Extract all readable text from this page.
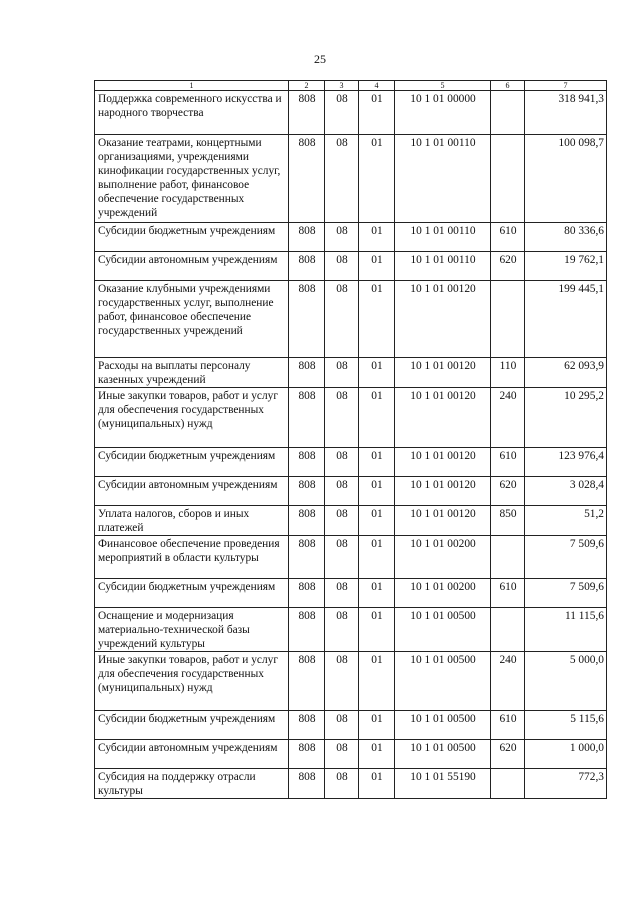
25
1	2	3	4	5	6	7
Поддержка современного искусства и народного творчества	808	08	01	10 1 01 00000		318 941,3
Оказание театрами, концертными организациями, учреждениями кинофикации государственных услуг, выполнение работ, финансовое обеспечение государственных учреждений	808	08	01	10 1 01 00110		100 098,7
Субсидии бюджетным учреждениям	808	08	01	10 1 01 00110	610	80 336,6
Субсидии автономным учреждениям	808	08	01	10 1 01 00110	620	19 762,1
Оказание клубными учреждениями государственных услуг, выполнение работ, финансовое обеспечение государственных учреждений	808	08	01	10 1 01 00120		199 445,1
Расходы на выплаты персоналу казенных учреждений	808	08	01	10 1 01 00120	110	62 093,9
Иные закупки товаров, работ и услуг для обеспечения государственных (муниципальных) нужд	808	08	01	10 1 01 00120	240	10 295,2
Субсидии бюджетным учреждениям	808	08	01	10 1 01 00120	610	123 976,4
Субсидии автономным учреждениям	808	08	01	10 1 01 00120	620	3 028,4
Уплата налогов, сборов и иных платежей	808	08	01	10 1 01 00120	850	51,2
Финансовое обеспечение проведения мероприятий в области культуры	808	08	01	10 1 01 00200		7 509,6
Субсидии бюджетным учреждениям	808	08	01	10 1 01 00200	610	7 509,6
Оснащение и модернизация материально-технической базы учреждений культуры	808	08	01	10 1 01 00500		11 115,6
Иные закупки товаров, работ и услуг для обеспечения государственных (муниципальных) нужд	808	08	01	10 1 01 00500	240	5 000,0
Субсидии бюджетным учреждениям	808	08	01	10 1 01 00500	610	5 115,6
Субсидии автономным учреждениям	808	08	01	10 1 01 00500	620	1 000,0
Субсидия на поддержку отрасли культуры	808	08	01	10 1 01 55190		772,3
